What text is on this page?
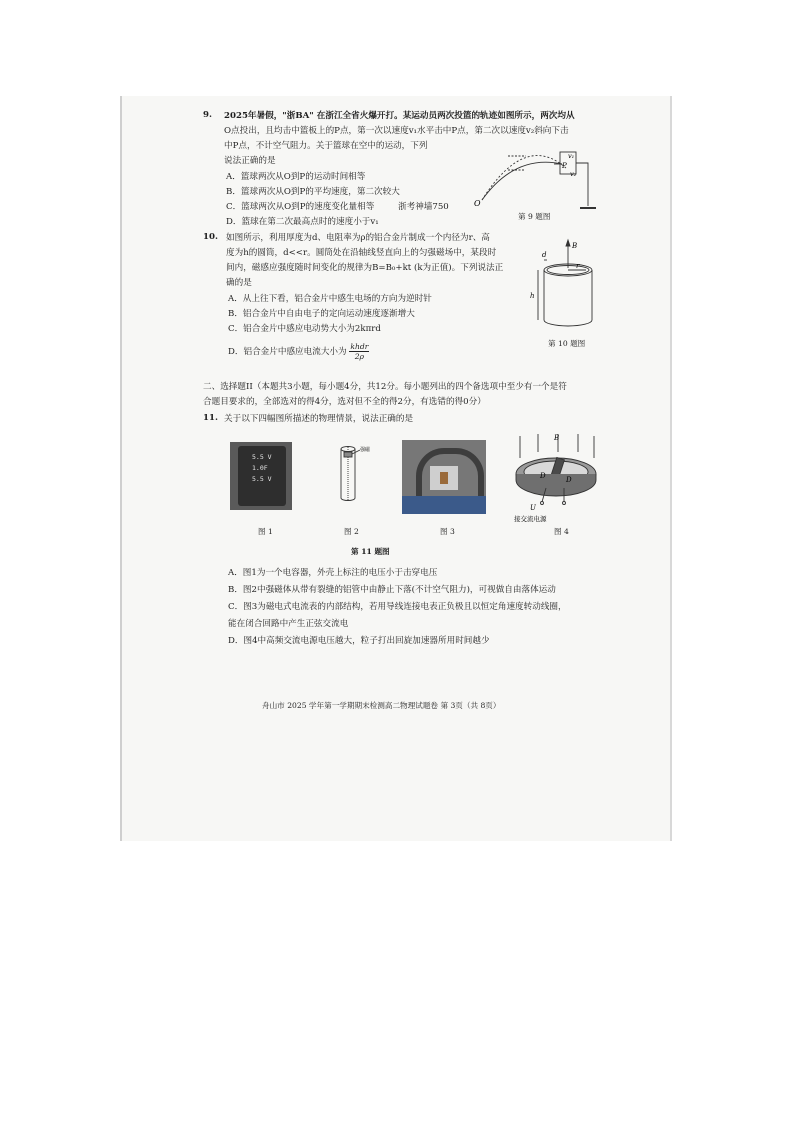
9. 2025年暑假，"浙BA" 在浙江全省火爆开打。某运动员两次投篮的轨迹如图所示，两次均从
O点投出，且均击中篮板上的P点，第一次以速度v₁水平击中P点，第二次以速度v₂斜向下击
中P点，不计空气阻力。关于篮球在空中的运动，下列
说法正确的是
A．篮球两次从O到P的运动时间相等
B．篮球两次从O到P的平均速度，第二次较大
C．篮球两次从O到P的速度变化量相等	浙考神墙750
D．篮球在第二次最高点时的速度小于v₁
O
P
v₁
v₂
第 9 题图
10. 如图所示，利用厚度为d、电阻率为ρ的铝合金片制成一个内径为r、高
度为h的圆筒，d<<r。圆筒处在沿轴线竖直向上的匀强磁场中，某段时
间内，磁感应强度随时间变化的规律为B=B₀+kt (k为正值)。下列说法正
确的是
A．从上往下看，铝合金片中感生电场的方向为逆时针
B．铝合金片中自由电子的定向运动速度逐渐增大
C．铝合金片中感应电动势大小为2kπrd
D．铝合金片中感应电流大小为 $\frac{\text{khdr}}{2\rho}$
B
d
r
h
第 10 题图
二、选择题II（本题共3小题，每小题4分，共12分。每小题列出的四个备选项中至少有一个是符
合题目要求的，全部选对的得4分，选对但不全的得2分，有选错的得0分）
11. 关于以下四幅图所描述的物理情景，说法正确的是
5.5 V
1.0F
5.5 V
图 1
强磁
图 2	图 3
B
D	D
U
接交流电源
图 4
第 11 题图
A．图1为一个电容器，外壳上标注的电压小于击穿电压
B．图2中强磁体从带有裂缝的铝管中由静止下落(不计空气阻力)，可视做自由落体运动
C．图3为磁电式电流表的内部结构，若用导线连接电表正负极且以恒定角速度转动线圈，
能在闭合回路中产生正弦交流电
D．图4中高频交流电源电压越大，粒子打出回旋加速器所用时间越少
舟山市 2025 学年第一学期期末检测高二物理试题卷 第 3页（共 8页）
